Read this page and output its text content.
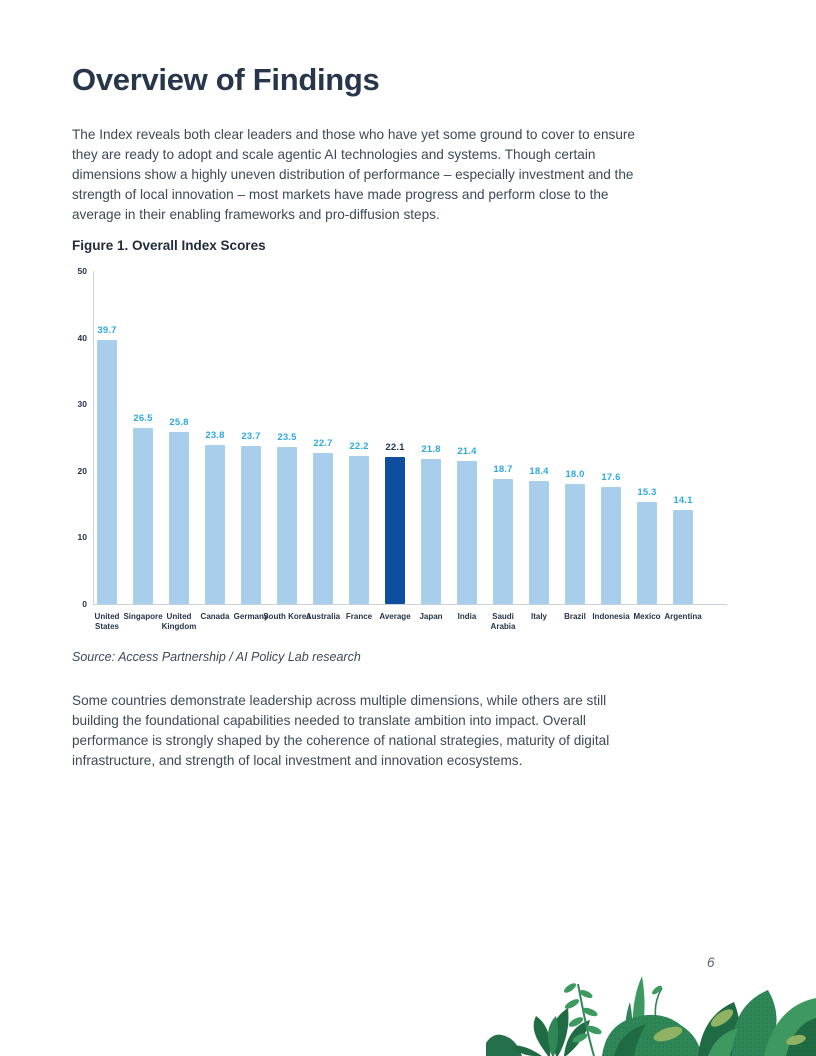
Overview of Findings

The Index reveals both clear leaders and those who have yet some ground to cover to ensure they are ready to adopt and scale agentic AI technologies and systems. Though certain dimensions show a highly uneven distribution of performance – especially investment and the strength of local innovation – most markets have made progress and perform close to the average in their enabling frameworks and pro-diffusion steps.

Figure 1. Overall Index Scores
0
10
20
30
40
50
39.7
United States
26.5
Singapore
25.8
United Kingdom
23.8
Canada
23.7
Germany
23.5
South Korea
22.7
Australia
22.2
France
22.1
Average
21.8
Japan
21.4
India
18.7
Saudi Arabia
18.4
Italy
18.0
Brazil
17.6
Indonesia
15.3
Mexico
14.1
Argentina
Source: Access Partnership / AI Policy Lab research

Some countries demonstrate leadership across multiple dimensions, while others are still building the foundational capabilities needed to translate ambition into impact. Overall performance is strongly shaped by the coherence of national strategies, maturity of digital infrastructure, and strength of local investment and innovation ecosystems.

6
